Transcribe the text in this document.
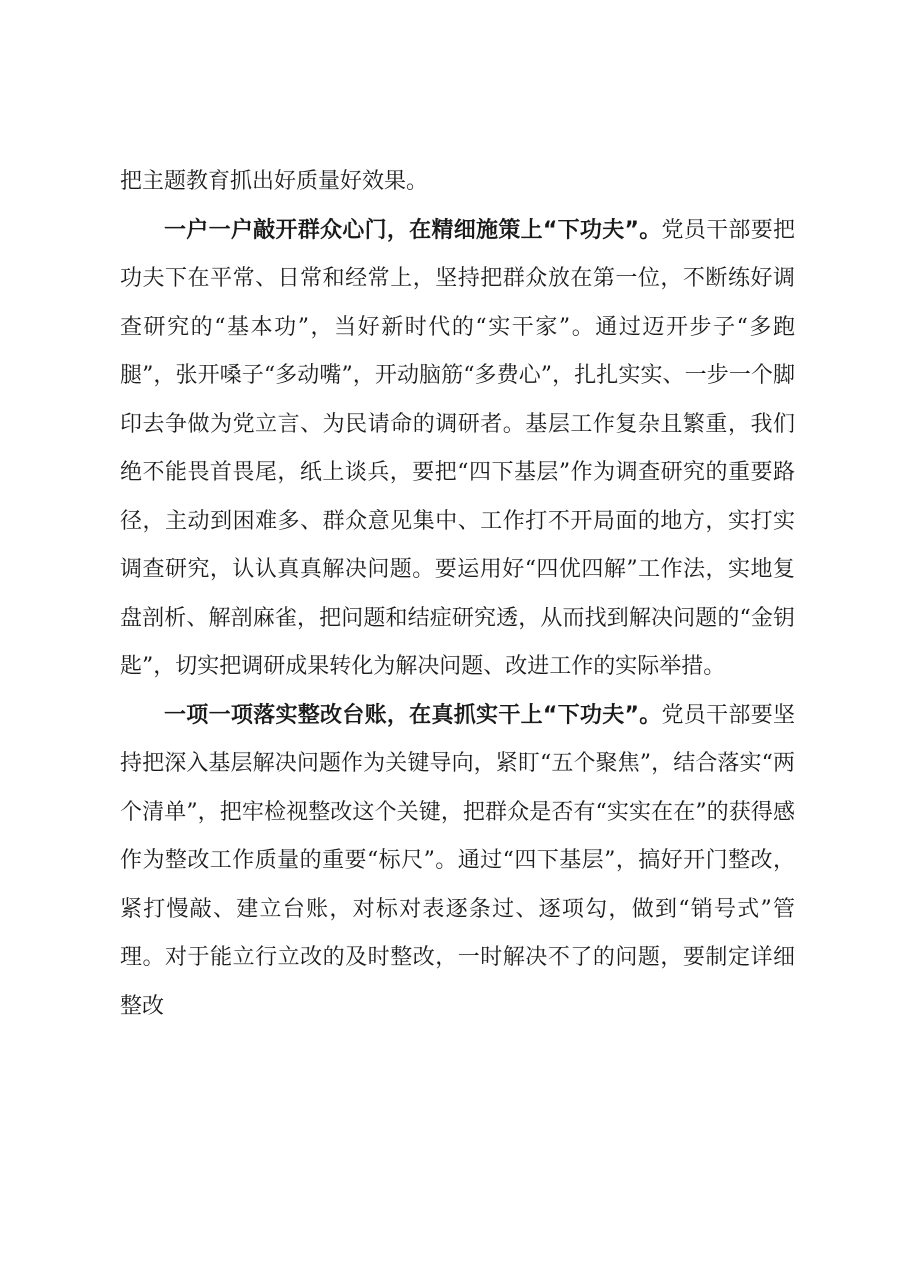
把主题教育抓出好质量好效果。

一户一户敲开群众心门，在精细施策上“下功夫”。党员干部要把功夫下在平常、日常和经常上，坚持把群众放在第一位，不断练好调查研究的“基本功”，当好新时代的“实干家”。通过迈开步子“多跑腿”，张开嗓子“多动嘴”，开动脑筋“多费心”，扎扎实实、一步一个脚印去争做为党立言、为民请命的调研者。基层工作复杂且繁重，我们绝不能畏首畏尾，纸上谈兵，要把“四下基层”作为调查研究的重要路径，主动到困难多、群众意见集中、工作打不开局面的地方，实打实调查研究，认认真真解决问题。要运用好“四优四解”工作法，实地复盘剖析、解剖麻雀，把问题和结症研究透，从而找到解决问题的“金钥匙”，切实把调研成果转化为解决问题、改进工作的实际举措。

一项一项落实整改台账，在真抓实干上“下功夫”。党员干部要坚持把深入基层解决问题作为关键导向，紧盯“五个聚焦”，结合落实“两个清单”，把牢检视整改这个关键，把群众是否有“实实在在”的获得感作为整改工作质量的重要“标尺”。通过“四下基层”，搞好开门整改，紧打慢敲、建立台账，对标对表逐条过、逐项勾，做到“销号式”管理。对于能立行立改的及时整改，一时解决不了的问题，要制定详细整改
